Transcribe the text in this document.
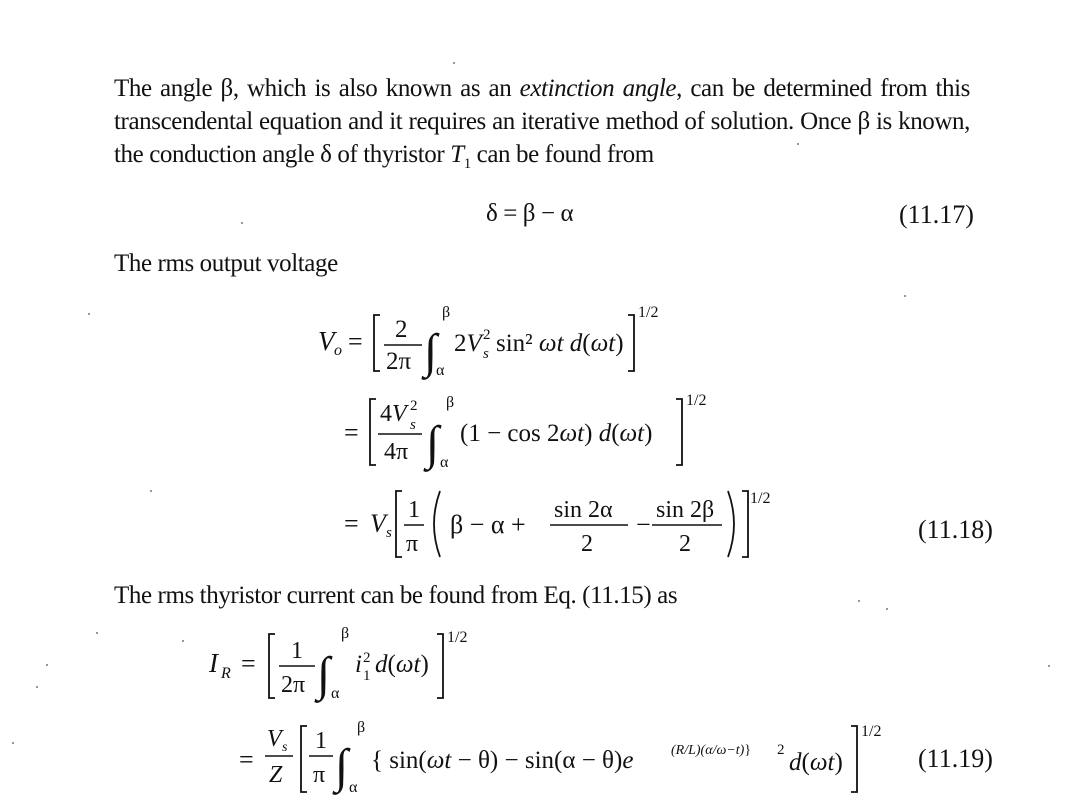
The angle β, which is also known as an extinction angle, can be determined from this transcendental equation and it requires an iterative method of solution. Once β is known, the conduction angle δ of thyristor $T_1$ can be found from
δ = β − α	(11.17)
The rms output voltage
V o = 2
2π ∫
β
α
2V 2
s sin² ωt d(ωt)
1/2
=
4V 2
s
4π ∫
β
α
(1 − cos 2ωt) d(ωt)
1/2
= V s
1
π
β − α + sin 2α
2
− sin 2β
2
1/2
(11.18)
The rms thyristor current can be found from Eq. (11.15) as
I R = 1
2π ∫
β
α
i 2
1 d(ωt)
1/2
=
V s
Z
1
π ∫
β
α
{ sin(ωt − θ) − sin(α − θ)e	(R/L)(α/ω−t)} 2 d(ωt)
1/2
(11.19)
